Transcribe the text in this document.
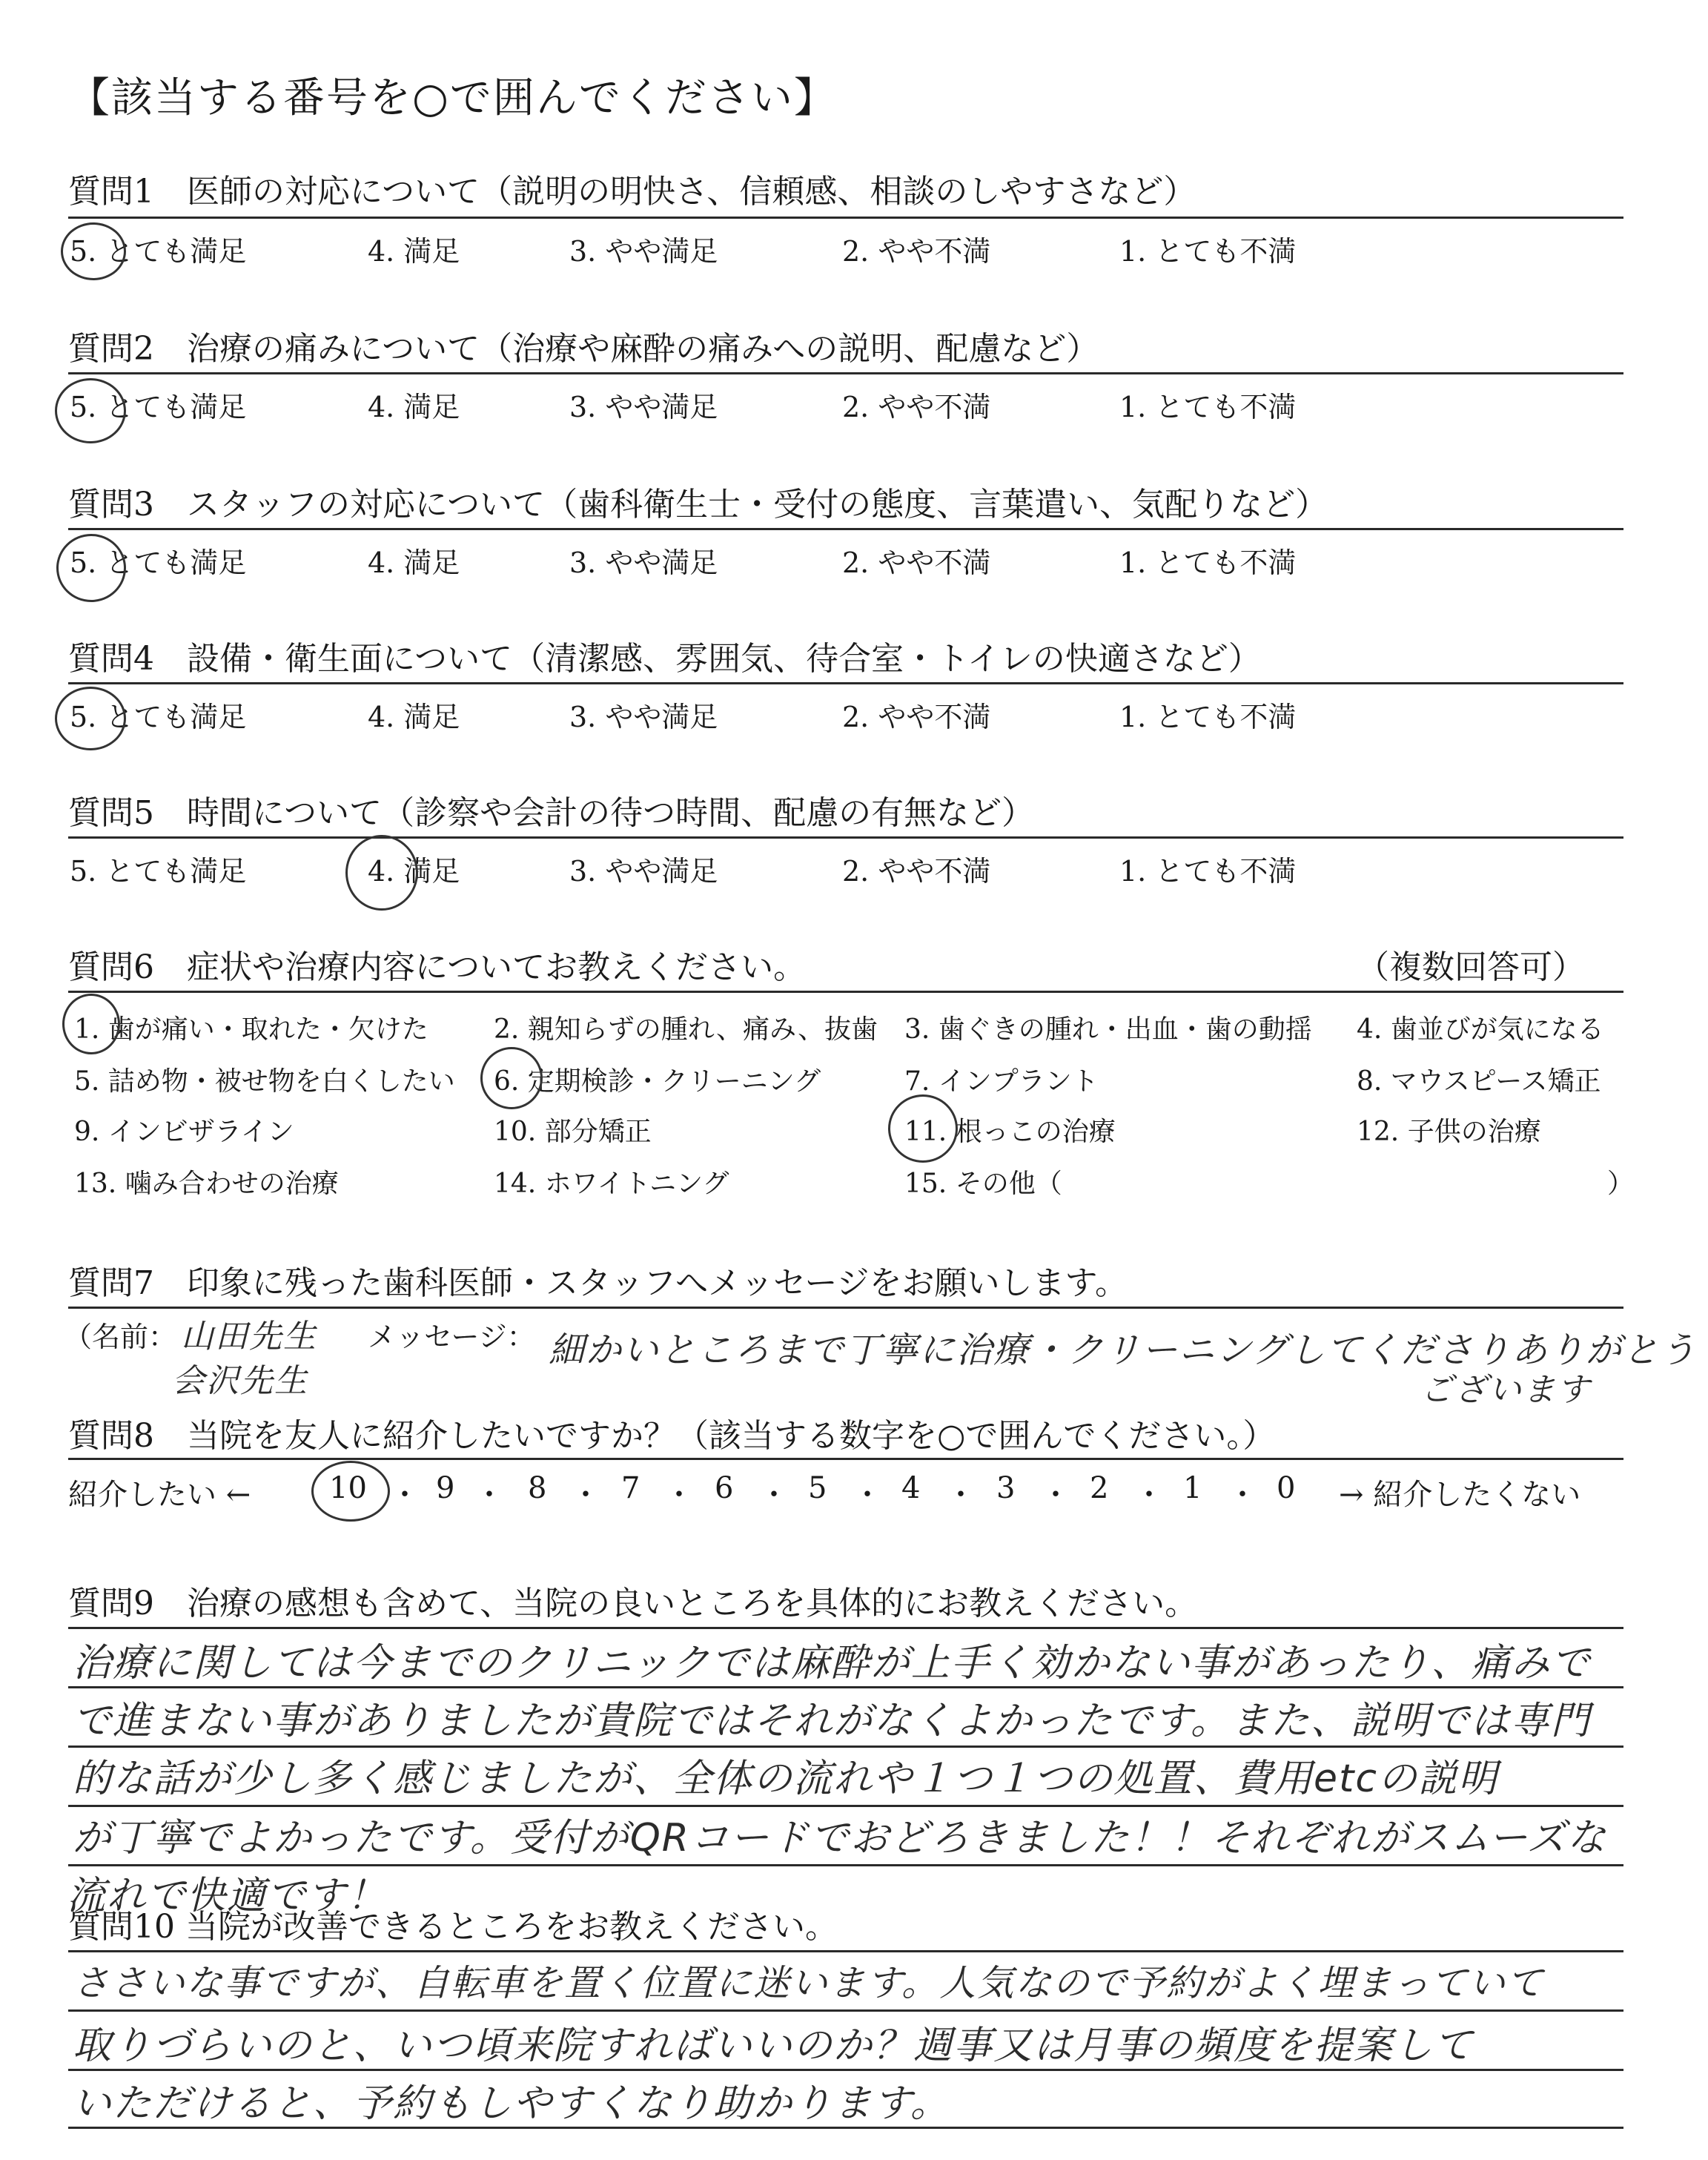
【該当する番号を○で囲んでください】
質問1　医師の対応について（説明の明快さ、信頼感、相談のしやすさなど）
5. とても満足	4. 満足	3. やや満足	2. やや不満	1. とても不満
質問2　治療の痛みについて（治療や麻酔の痛みへの説明、配慮など）
5. とても満足	4. 満足	3. やや満足	2. やや不満	1. とても不満
質問3　スタッフの対応について（歯科衛生士・受付の態度、言葉遣い、気配りなど）
5. とても満足	4. 満足	3. やや満足	2. やや不満	1. とても不満
質問4　設備・衛生面について（清潔感、雰囲気、待合室・トイレの快適さなど）
5. とても満足	4. 満足	3. やや満足	2. やや不満	1. とても不満
質問5　時間について（診察や会計の待つ時間、配慮の有無など）
5. とても満足	4. 満足	3. やや満足	2. やや不満	1. とても不満
質問6　症状や治療内容についてお教えください。	（複数回答可）
1. 歯が痛い・取れた・欠けた 2. 親知らずの腫れ、痛み、抜歯 3. 歯ぐきの腫れ・出血・歯の動揺 4. 歯並びが気になる
5. 詰め物・被せ物を白くしたい 6. 定期検診・クリーニング	7. インプラント	8. マウスピース矯正
9. インビザライン	10. 部分矯正	11. 根っこの治療	12. 子供の治療
13. 噛み合わせの治療	14. ホワイトニング	15. その他（	）
質問7　印象に残った歯科医師・スタッフへメッセージをお願いします。
（名前：	メッセージ：
山田先生
会沢先生
細かいところまで丁寧に治療・クリーニングしてくださりありがとう
ございます
質問8　当院を友人に紹介したいですか？（該当する数字を○で囲んでください。）
紹介したい ←	10 ・ 9 ・ 8 ・ 7 ・ 6 ・ 5 ・ 4 ・ 3 ・ 2 ・ 1 ・ 0 → 紹介したくない
質問9　治療の感想も含めて、当院の良いところを具体的にお教えください。
治療に関しては今までのクリニックでは麻酔が上手く効かない事があったり、痛みで
で進まない事がありましたが貴院ではそれがなくよかったです。また、説明では専門
的な話が少し多く感じましたが、全体の流れや１つ１つの処置、費用etcの説明
が丁寧でよかったです。受付がQRコードでおどろきました！！それぞれがスムーズな
流れで快適です！
質問10 当院が改善できるところをお教えください。
ささいな事ですが、自転車を置く位置に迷います。人気なので予約がよく埋まっていて
取りづらいのと、いつ頃来院すればいいのか？週事又は月事の頻度を提案して
いただけると、予約もしやすくなり助かります。
